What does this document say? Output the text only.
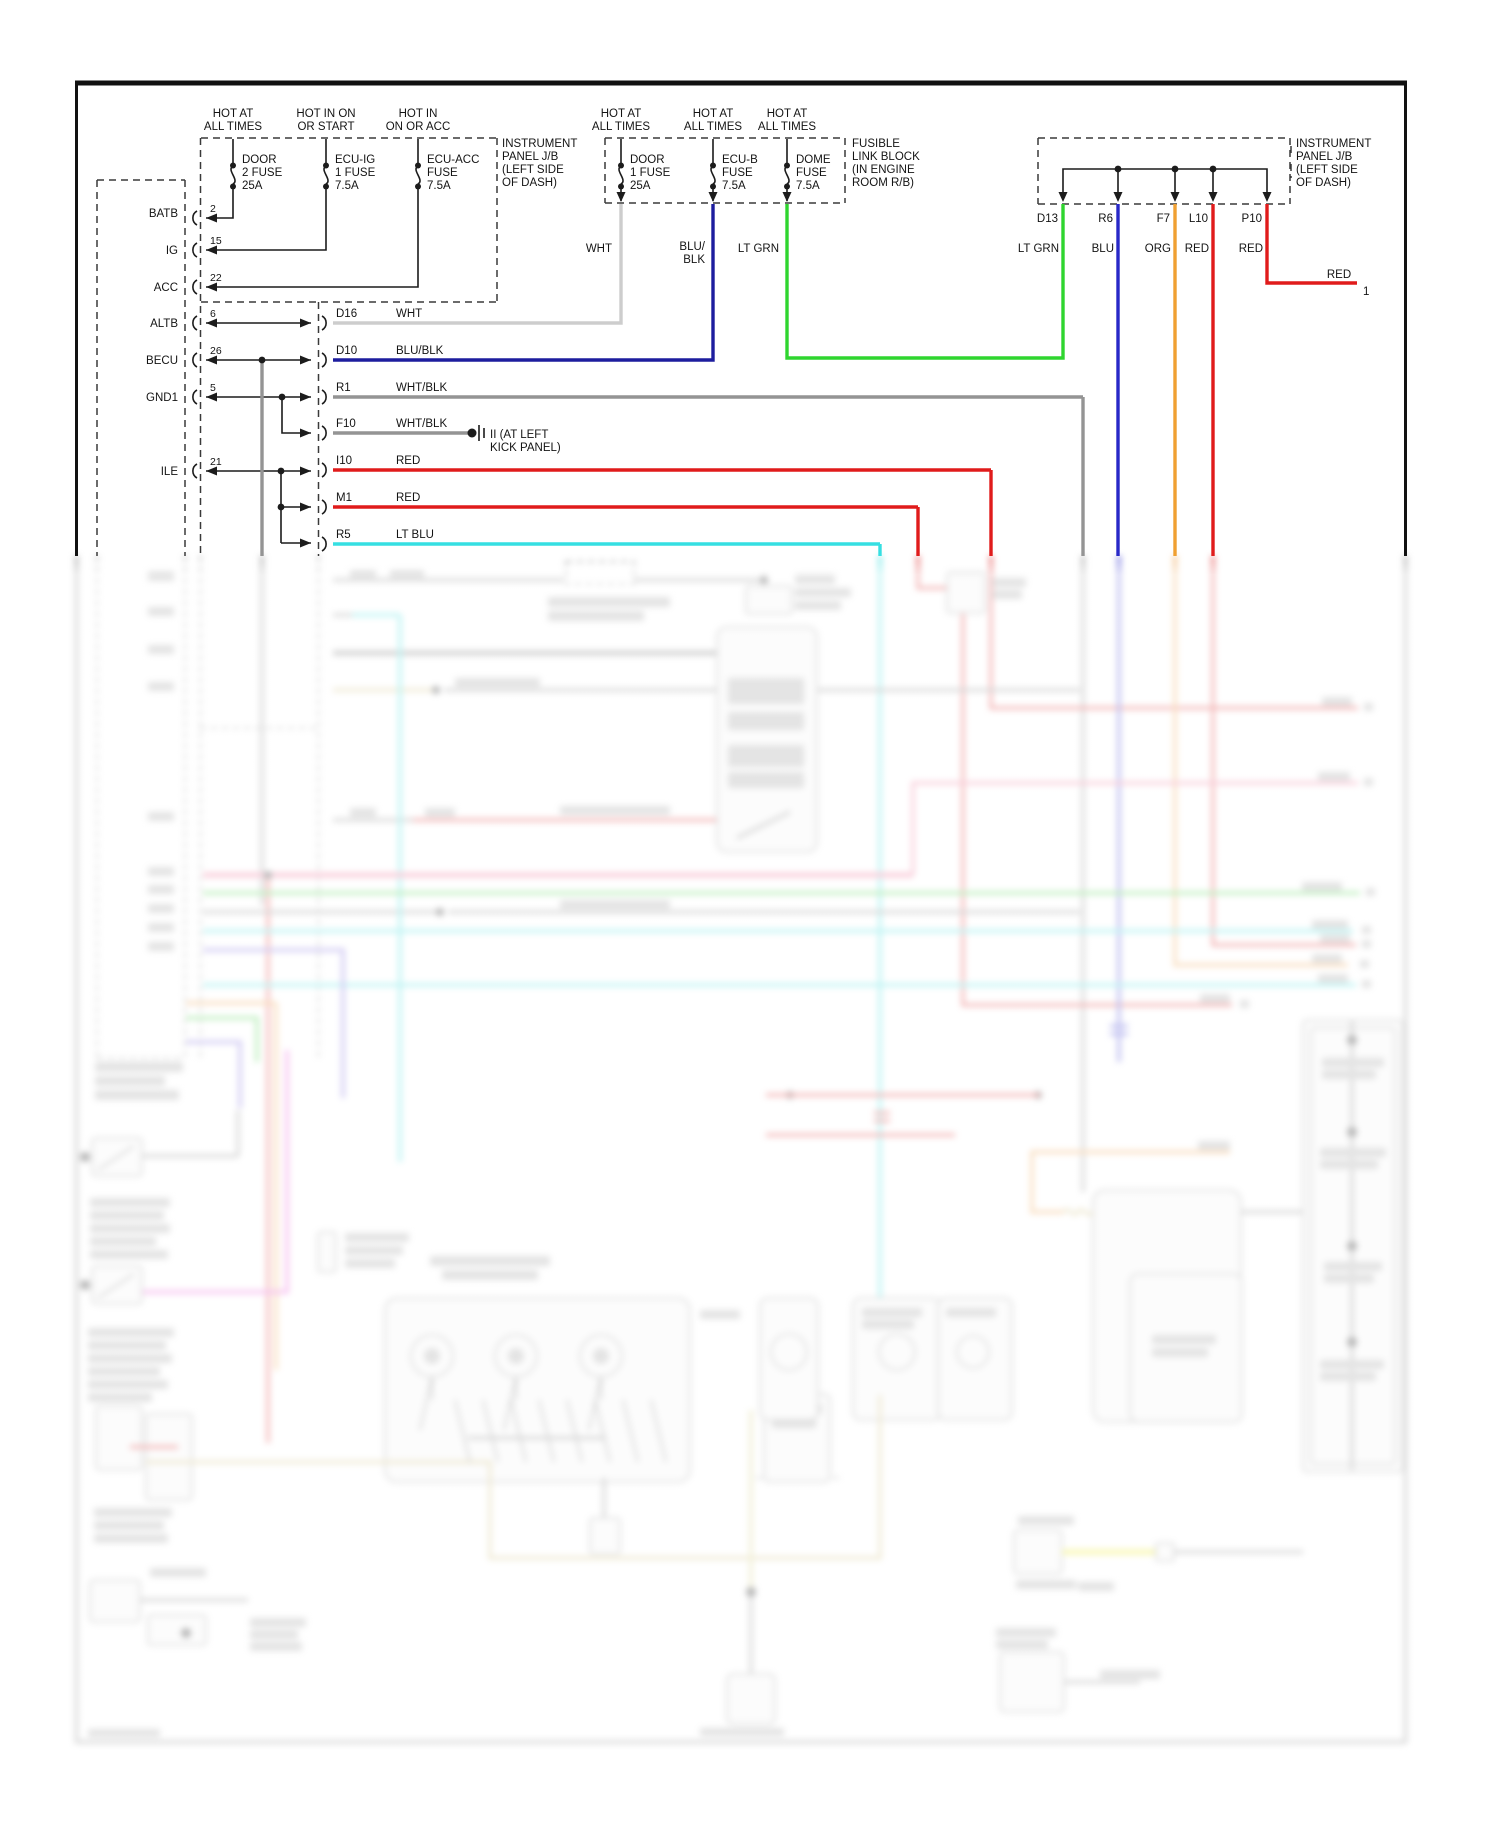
HOT AT
ALL TIMES
HOT IN ON
OR START
HOT IN
ON OR ACC
HOT AT
ALL TIMES
HOT AT
ALL TIMES
HOT AT
ALL TIMES
INSTRUMENT
PANEL J/B
(LEFT SIDE
OF DASH)
FUSIBLE
LINK BLOCK
(IN ENGINE
ROOM R/B)
INSTRUMENT
PANEL J/B
(LEFT SIDE
OF DASH)
DOOR
2 FUSE
25A
ECU-IG
1 FUSE
7.5A
ECU-ACC
FUSE
7.5A
DOOR
1 FUSE
25A
ECU-B
FUSE
7.5A
DOME
FUSE
7.5A
BATB
IG
ACC
ALTB
BECU
GND1
ILE
2
15
22
6
26
5
21
D16	WHT
D10	BLU/BLK
R1	WHT/BLK
F10	WHT/BLK
I10	RED
M1	RED
R5	LT BLU
WHT	BLU/
BLK
LT GRN
D13
LT GRN
R6
BLU
F7
ORG
L10
RED
P10
RED
RED
1
II (AT LEFT
KICK PANEL)
